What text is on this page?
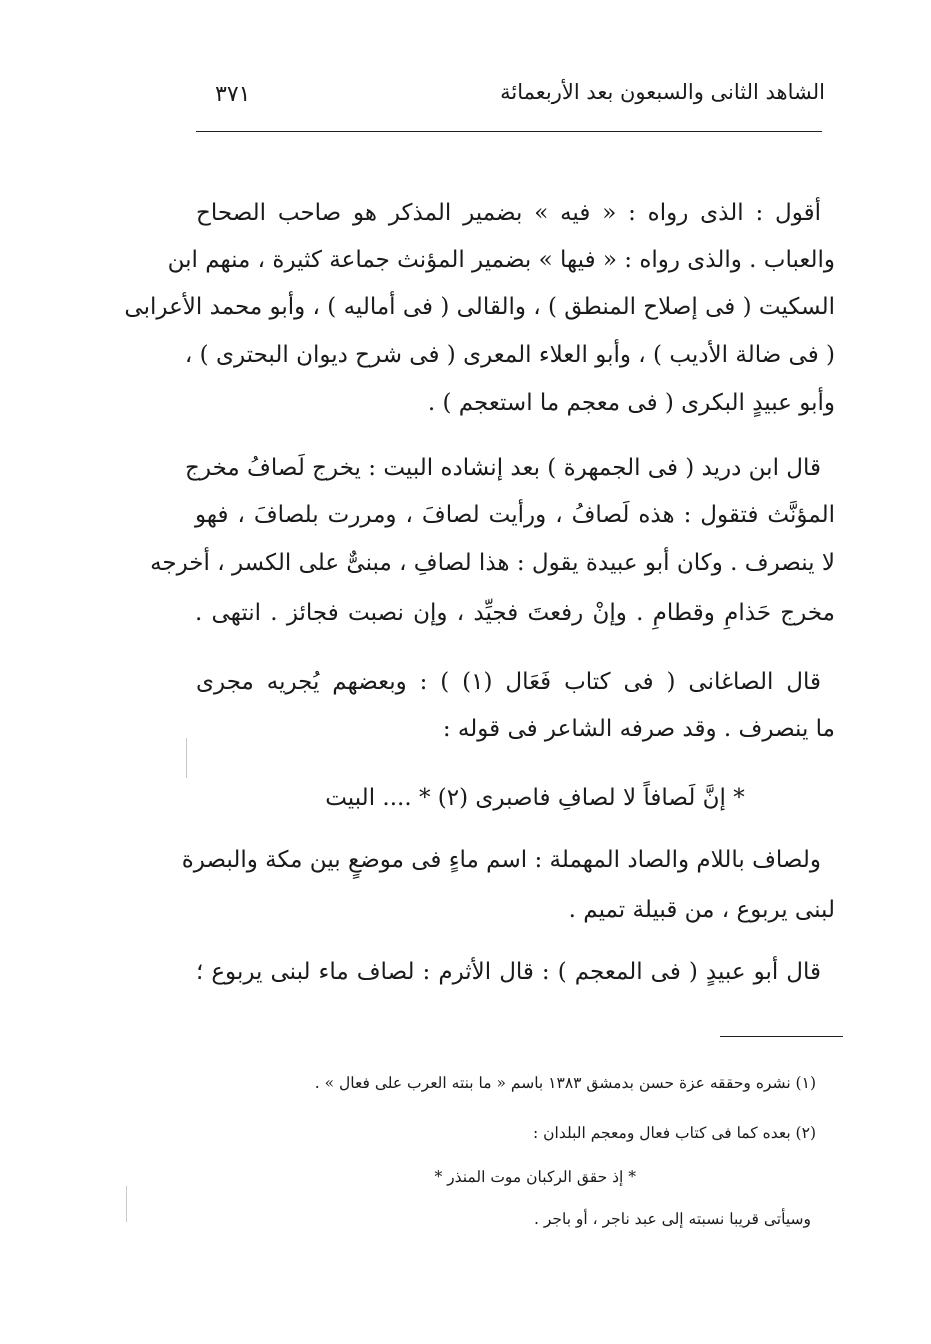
الشاهد الثانى والسبعون بعد الأربعمائة
٣٧١
أقول : الذى رواه : « فيه » بضمير المذكر هو صاحب الصحاح
والعباب . والذى رواه : « فيها » بضمير المؤنث جماعة كثيرة ، منهم ابن
السكيت ( فى إصلاح المنطق ) ، والقالى ( فى أماليه ) ، وأبو محمد الأعرابى
( فى ضالة الأديب ) ، وأبو العلاء المعرى ( فى شرح ديوان البحترى ) ،
وأبو عبيدٍ البكرى ( فى معجم ما استعجم ) .
قال ابن دريد ( فى الجمهرة ) بعد إنشاده البيت : يخرج لَصافُ مخرج
المؤنَّث فتقول : هذه لَصافُ ، ورأيت لصافَ ، ومررت بلصافَ ، فهو
لا ينصرف . وكان أبو عبيدة يقول : هذا لصافِ ، مبنىٌّ على الكسر ، أخرجه
مخرج حَذامِ وقطامِ . وإنْ رفعتَ فجيِّد ، وإن نصبت فجائز . انتهى .
قال الصاغانى ( فى كتاب فَعَال (١) ) : وبعضهم يُجريه مجرى
ما ينصرف . وقد صرفه الشاعر فى قوله :
* إنَّ لَصافاً لا لصافِ فاصبرى (٢) * .... البيت
ولصاف باللام والصاد المهملة : اسم ماءٍ فى موضعٍ بين مكة والبصرة
لبنى يربوع ، من قبيلة تميم .
قال أبو عبيدٍ ( فى المعجم ) : قال الأثرم : لصاف ماء لبنى يربوع ؛
(١) نشره وحققه عزة حسن بدمشق ١٣٨٣ باسم « ما بنته العرب على فعال » .
(٢) بعده كما فى كتاب فعال ومعجم البلدان :
* إذ حقق الركبان موت المنذر *
وسيأتى قريبا نسبته إلى عبد ناجر ، أو باجر .
